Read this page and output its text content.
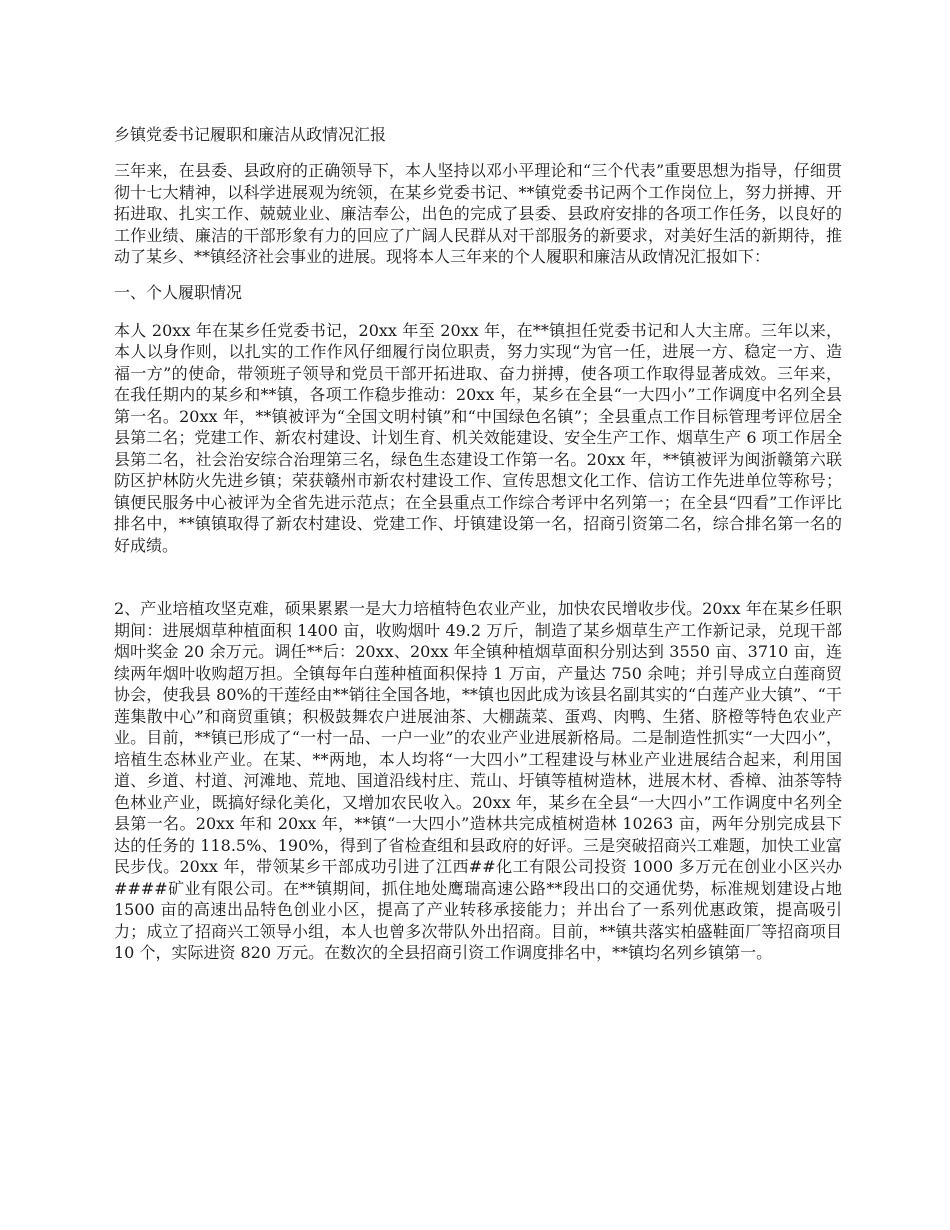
乡镇党委书记履职和廉洁从政情况汇报

三年来，在县委、县政府的正确领导下，本人坚持以邓小平理论和“三个代表”重要思想为指导，仔细贯彻十七大精神，以科学进展观为统领，在某乡党委书记、**镇党委书记两个工作岗位上，努力拼搏、开拓进取、扎实工作、兢兢业业、廉洁奉公，出色的完成了县委、县政府安排的各项工作任务，以良好的工作业绩、廉洁的干部形象有力的回应了广阔人民群从对干部服务的新要求，对美好生活的新期待，推动了某乡、**镇经济社会事业的进展。现将本人三年来的个人履职和廉洁从政情况汇报如下：

一、个人履职情况

本人 20xx 年在某乡任党委书记，20xx 年至 20xx 年，在**镇担任党委书记和人大主席。三年以来，本人以身作则，以扎实的工作作风仔细履行岗位职责，努力实现“为官一任，进展一方、稳定一方、造福一方”的使命，带领班子领导和党员干部开拓进取、奋力拼搏，使各项工作取得显著成效。三年来，在我任期内的某乡和**镇，各项工作稳步推动：20xx 年，某乡在全县“一大四小”工作调度中名列全县第一名。20xx 年，**镇被评为“全国文明村镇”和“中国绿色名镇”；全县重点工作目标管理考评位居全县第二名；党建工作、新农村建设、计划生育、机关效能建设、安全生产工作、烟草生产 6 项工作居全县第二名，社会治安综合治理第三名，绿色生态建设工作第一名。20xx 年，**镇被评为闽浙赣第六联防区护林防火先进乡镇；荣获赣州市新农村建设工作、宣传思想文化工作、信访工作先进单位等称号；镇便民服务中心被评为全省先进示范点；在全县重点工作综合考评中名列第一；在全县“四看”工作评比排名中，**镇镇取得了新农村建设、党建工作、圩镇建设第一名，招商引资第二名，综合排名第一名的好成绩。

2、产业培植攻坚克难，硕果累累一是大力培植特色农业产业，加快农民增收步伐。20xx 年在某乡任职期间：进展烟草种植面积 1400 亩，收购烟叶 49.2 万斤，制造了某乡烟草生产工作新记录，兑现干部烟叶奖金 20 余万元。调任**后：20xx、20xx 年全镇种植烟草面积分别达到 3550 亩、3710 亩，连续两年烟叶收购超万担。全镇每年白莲种植面积保持 1 万亩，产量达 750 余吨；并引导成立白莲商贸协会，使我县 80%的干莲经由**销往全国各地，**镇也因此成为该县名副其实的“白莲产业大镇”、“干莲集散中心”和商贸重镇；积极鼓舞农户进展油茶、大棚蔬菜、蛋鸡、肉鸭、生猪、脐橙等特色农业产业。目前，**镇已形成了“一村一品、一户一业”的农业产业进展新格局。二是制造性抓实“一大四小”，培植生态林业产业。在某、**两地，本人均将“一大四小”工程建设与林业产业进展结合起来，利用国道、乡道、村道、河滩地、荒地、国道沿线村庄、荒山、圩镇等植树造林，进展木材、香樟、油茶等特色林业产业，既搞好绿化美化，又增加农民收入。20xx 年，某乡在全县“一大四小”工作调度中名列全县第一名。20xx 年和 20xx 年，**镇“一大四小”造林共完成植树造林 10263 亩，两年分别完成县下达的任务的 118.5%、190%，得到了省检查组和县政府的好评。三是突破招商兴工难题，加快工业富民步伐。20xx 年，带领某乡干部成功引进了江西##化工有限公司投资 1000 多万元在创业小区兴办####矿业有限公司。在**镇期间，抓住地处鹰瑞高速公路**段出口的交通优势，标准规划建设占地 1500 亩的高速出品特色创业小区，提高了产业转移承接能力；并出台了一系列优惠政策，提高吸引力；成立了招商兴工领导小组，本人也曾多次带队外出招商。目前，**镇共落实柏盛鞋面厂等招商项目 10 个，实际进资 820 万元。在数次的全县招商引资工作调度排名中，**镇均名列乡镇第一。
